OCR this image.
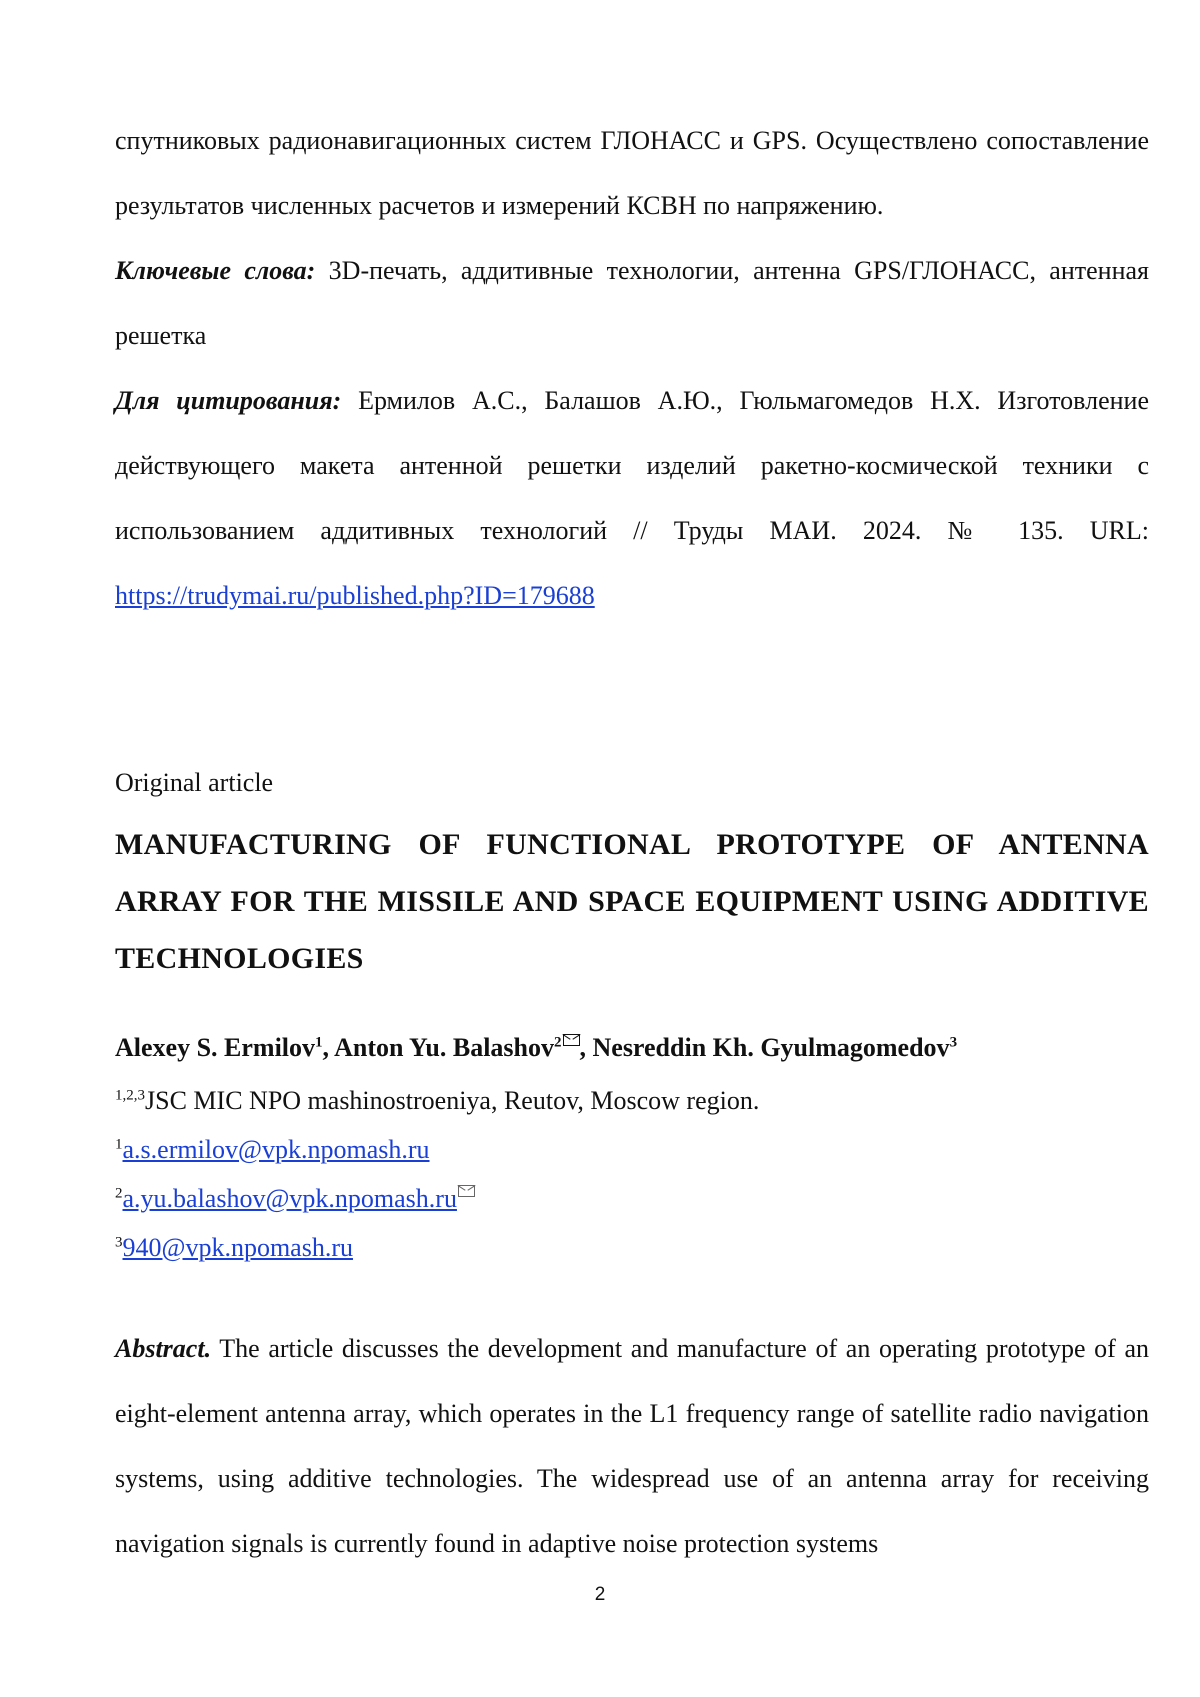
спутниковых радионавигационных систем ГЛОНАСС и GPS. Осуществлено сопоставление результатов численных расчетов и измерений КСВН по напряжению.

Ключевые слова: 3D-печать, аддитивные технологии, антенна GPS/ГЛОНАСС, антенная решетка

Для цитирования: Ермилов А.С., Балашов А.Ю., Гюльмагомедов Н.Х. Изготовление действующего макета антенной решетки изделий ракетно-космической техники с использованием аддитивных технологий // Труды МАИ. 2024. № 135. URL: https://trudymai.ru/published.php?ID=179688

Original article

MANUFACTURING OF FUNCTIONAL PROTOTYPE OF ANTENNA ARRAY FOR THE MISSILE AND SPACE EQUIPMENT USING ADDITIVE TECHNOLOGIES

Alexey S. Ermilov$^1$, Anton Yu. Balashov$^2$ , Nesreddin Kh. Gyulmagomedov$^3$

$^{1,2,3}$JSC MIC NPO mashinostroeniya, Reutov, Moscow region.

$^1$a.s.ermilov@vpk.npomash.ru

$^2$a.yu.balashov@vpk.npomash.ru

$^3$940@vpk.npomash.ru

Abstract. The article discusses the development and manufacture of an operating prototype of an eight-element antenna array, which operates in the L1 frequency range of satellite radio navigation systems, using additive technologies. The widespread use of an antenna array for receiving navigation signals is currently found in adaptive noise protection systems

2
